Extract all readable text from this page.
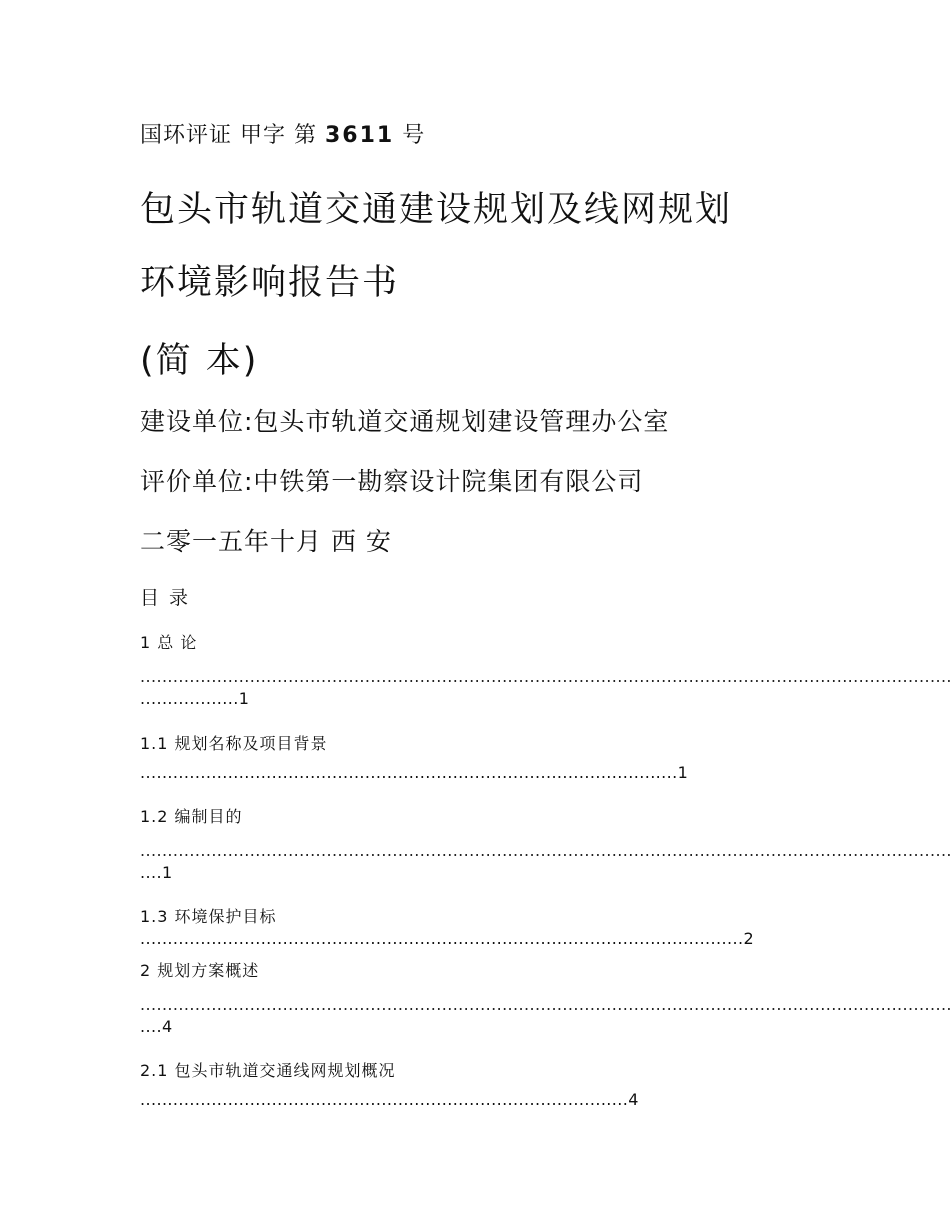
国环评证 甲字 第 3611 号

包头市轨道交通建设规划及线网规划

环境影响报告书

(简 本)

建设单位:包头市轨道交通规划建设管理办公室

评价单位:中铁第一勘察设计院集团有限公司

二零一五年十月 西 安

目 录

1 总 论
....................................................................................................................................................
..................1
1.1 规划名称及项目背景
..................................................................................................1
1.2 编制目的
....................................................................................................................................................
....1
1.3 环境保护目标
..............................................................................................................2
2 规划方案概述
....................................................................................................................................................
....4
2.1 包头市轨道交通线网规划概况
.........................................................................................4
